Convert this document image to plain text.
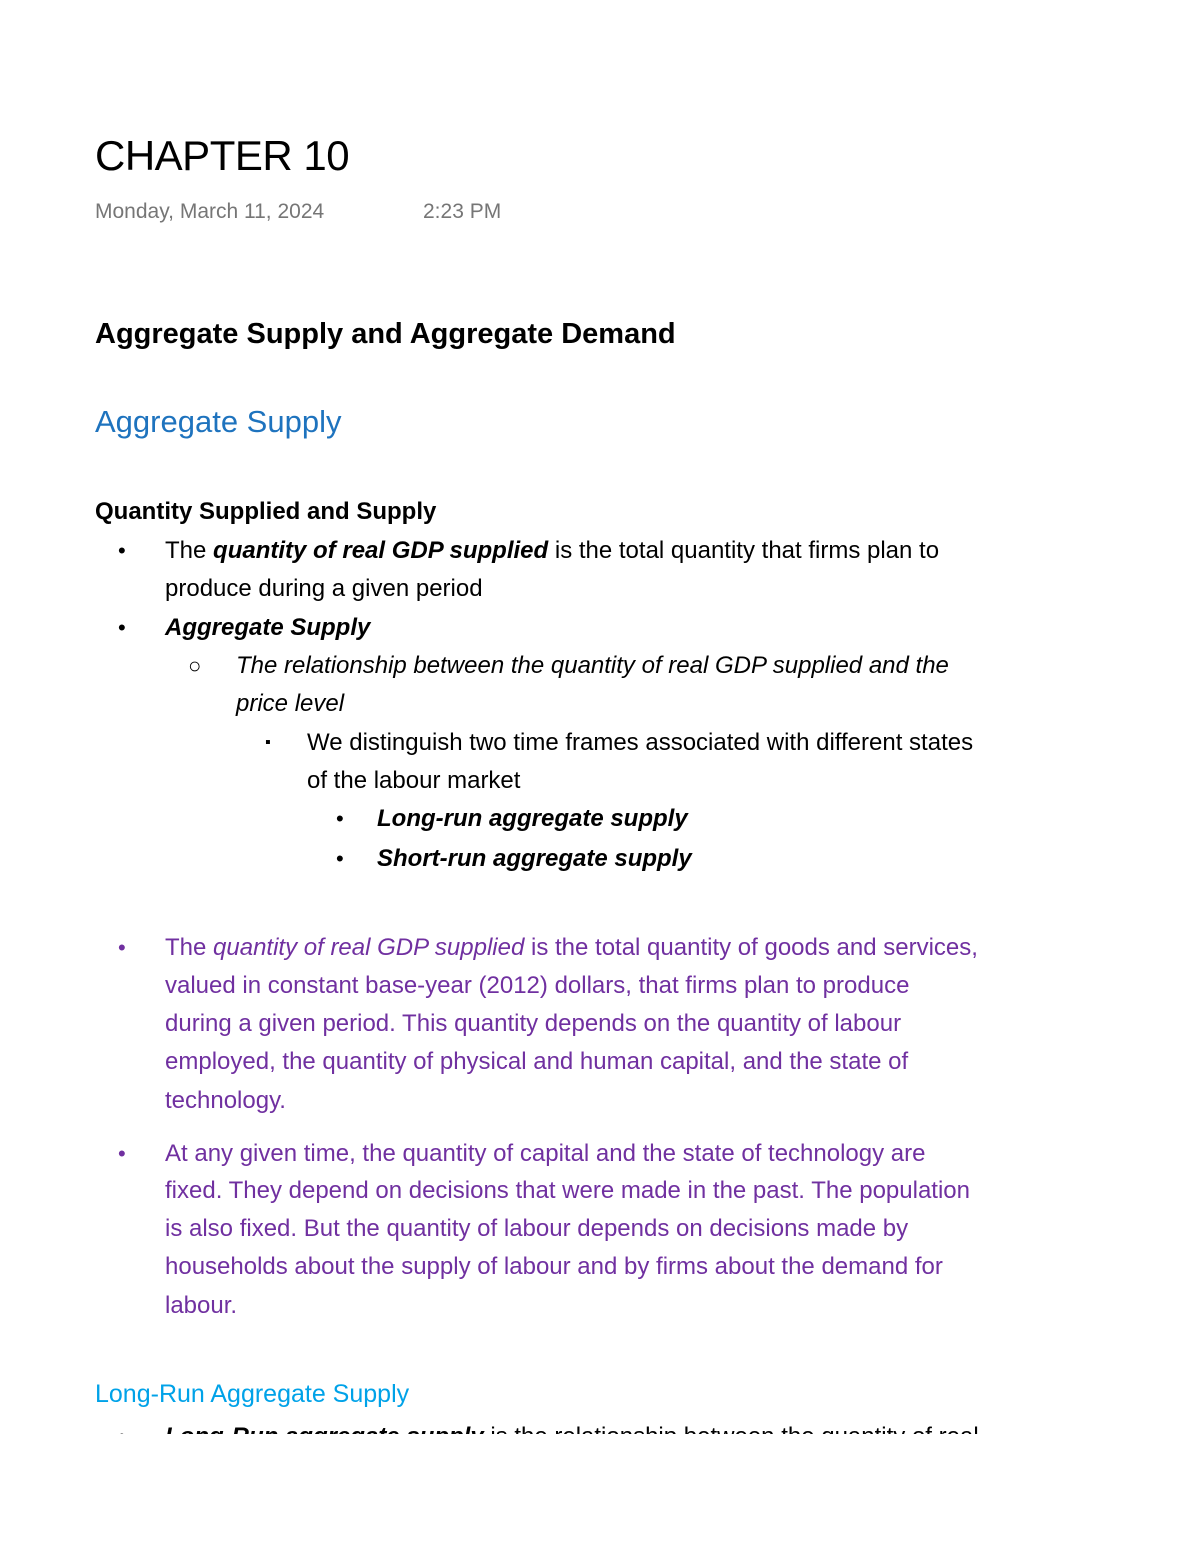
CHAPTER 10
Monday, March 11, 2024	2:23 PM
Aggregate Supply and Aggregate Demand
Aggregate Supply
Quantity Supplied and Supply
• The quantity of real GDP supplied is the total quantity that firms plan to
produce during a given period
• Aggregate Supply
○ The relationship between the quantity of real GDP supplied and the
price level
▪ We distinguish two time frames associated with different states
of the labour market
• Long-run aggregate supply
• Short-run aggregate supply
• The quantity of real GDP supplied is the total quantity of goods and services,
valued in constant base-year (2012) dollars, that firms plan to produce
during a given period. This quantity depends on the quantity of labour
employed, the quantity of physical and human capital, and the state of
technology.
• At any given time, the quantity of capital and the state of technology are
fixed. They depend on decisions that were made in the past. The population
is also fixed. But the quantity of labour depends on decisions made by
households about the supply of labour and by firms about the demand for
labour.
Long-Run Aggregate Supply
